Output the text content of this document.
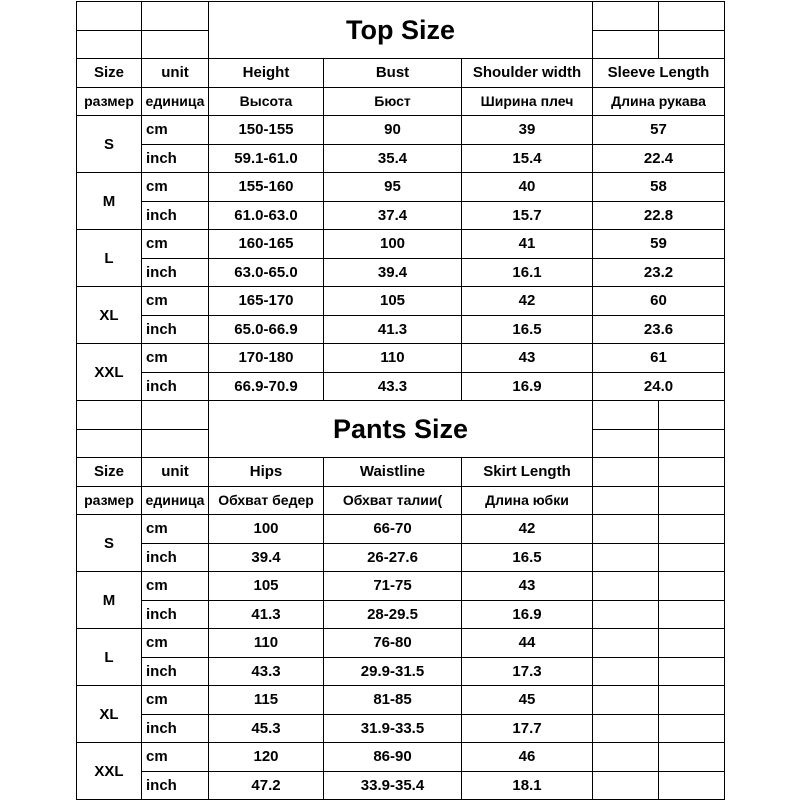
Top Size
Size
размер
unit
единица
Height
Высота
Bust
Бюст
Shoulder width
Ширина плеч
Sleeve Length
Длина рукава
S
cm
inch
150-155
59.1-61.0
90
35.4
39
15.4
57
22.4
M
cm
inch
155-160
61.0-63.0
95
37.4
40
15.7
58
22.8
L
cm
inch
160-165
63.0-65.0
100
39.4
41
16.1
59
23.2
XL
cm
inch
165-170
65.0-66.9
105
41.3
42
16.5
60
23.6
XXL
cm
inch
170-180
66.9-70.9
110
43.3
43
16.9
61
24.0
Pants Size
Size
размер
unit
единица
Hips
Обхват бедер
Waistline
Обхват талии(
Skirt Length
Длина юбки
S
cm
inch
100
39.4
66-70
26-27.6
42
16.5
M
cm
inch
105
41.3
71-75
28-29.5
43
16.9
L
cm
inch
110
43.3
76-80
29.9-31.5
44
17.3
XL
cm
inch
115
45.3
81-85
31.9-33.5
45
17.7
XXL
cm
inch
120
47.2
86-90
33.9-35.4
46
18.1
